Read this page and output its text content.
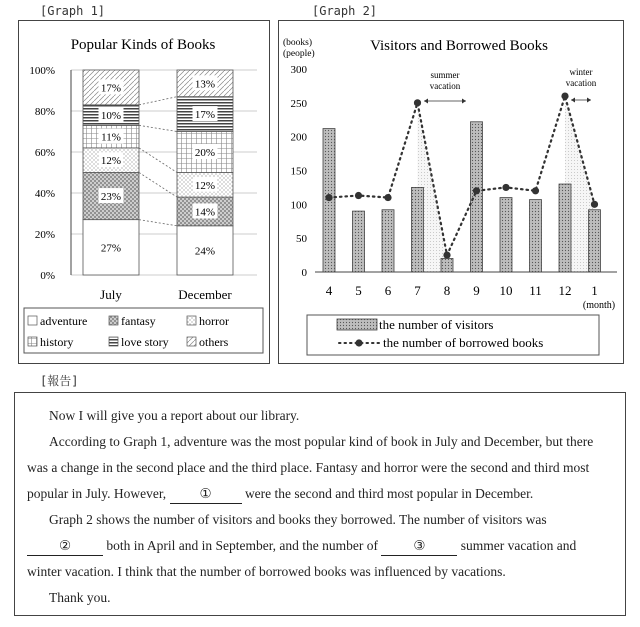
[Graph 1]	[Graph 2]
Popular Kinds of Books
0%
20%
40%
60%
80%
100%
27%
23%
12%
11%
10%
17%
July
24%
14%
12%
20%
17%
13%
December
adventure	fantasy	horror
history	love story	others
Visitors and Borrowed Books
(books)
(people)
0
50
100
150
200
250
300
4 5 6 7 8 9 10 11 12 1
(month)
summer
vacation
winter
vacation
the number of visitors
the number of borrowed books
[報告]

Now I will give you a report about our library.

According to Graph 1, adventure was the most popular kind of book in July and December, but there was a change in the second place and the third place. Fantasy and horror were the second and third most popular in July. However, ① were the second and third most popular in December.

Graph 2 shows the number of visitors and books they borrowed. The number of visitors was ② both in April and in September, and the number of ③ summer vacation and winter vacation. I think that the number of borrowed books was influenced by vacations.

Thank you.
